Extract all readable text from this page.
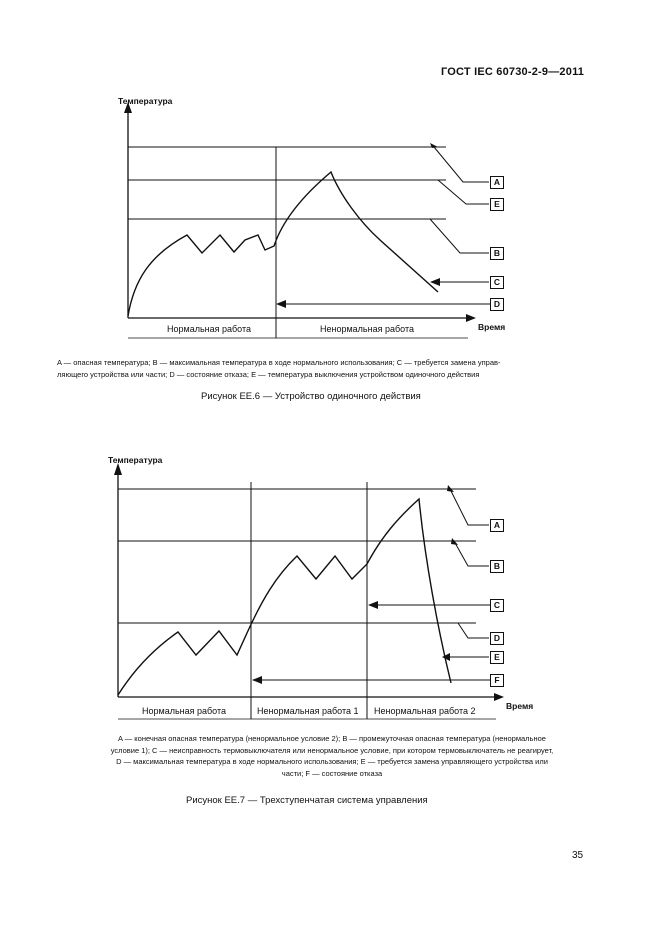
ГОСТ IEC 60730-2-9—2011
Температура
Время
Нормальная работа	Ненормальная работа
A
E
B
C
D
A — опасная температура; B — максимальная температура в ходе нормального использования; C — требуется замена управ-
ляющего устройства или части; D — состояние отказа; E — температура выключения устройством одиночного действия
Рисунок ЕЕ.6 — Устройство одиночного действия
Температура
Время
Нормальная работа	Ненормальная работа 1 Ненормальная работа 2
A
B
C
D
E
F
A — конечная опасная температура (ненормальное условие 2); B — промежуточная опасная температура (ненормальное
условие 1); C — неисправность термовыключателя или ненормальное условие, при котором термовыключатель не реагирует,
D — максимальная температура в ходе нормального использования; E — требуется замена управляющего устройства или
части; F — состояние отказа
Рисунок ЕЕ.7 — Трехступенчатая система управления
35
